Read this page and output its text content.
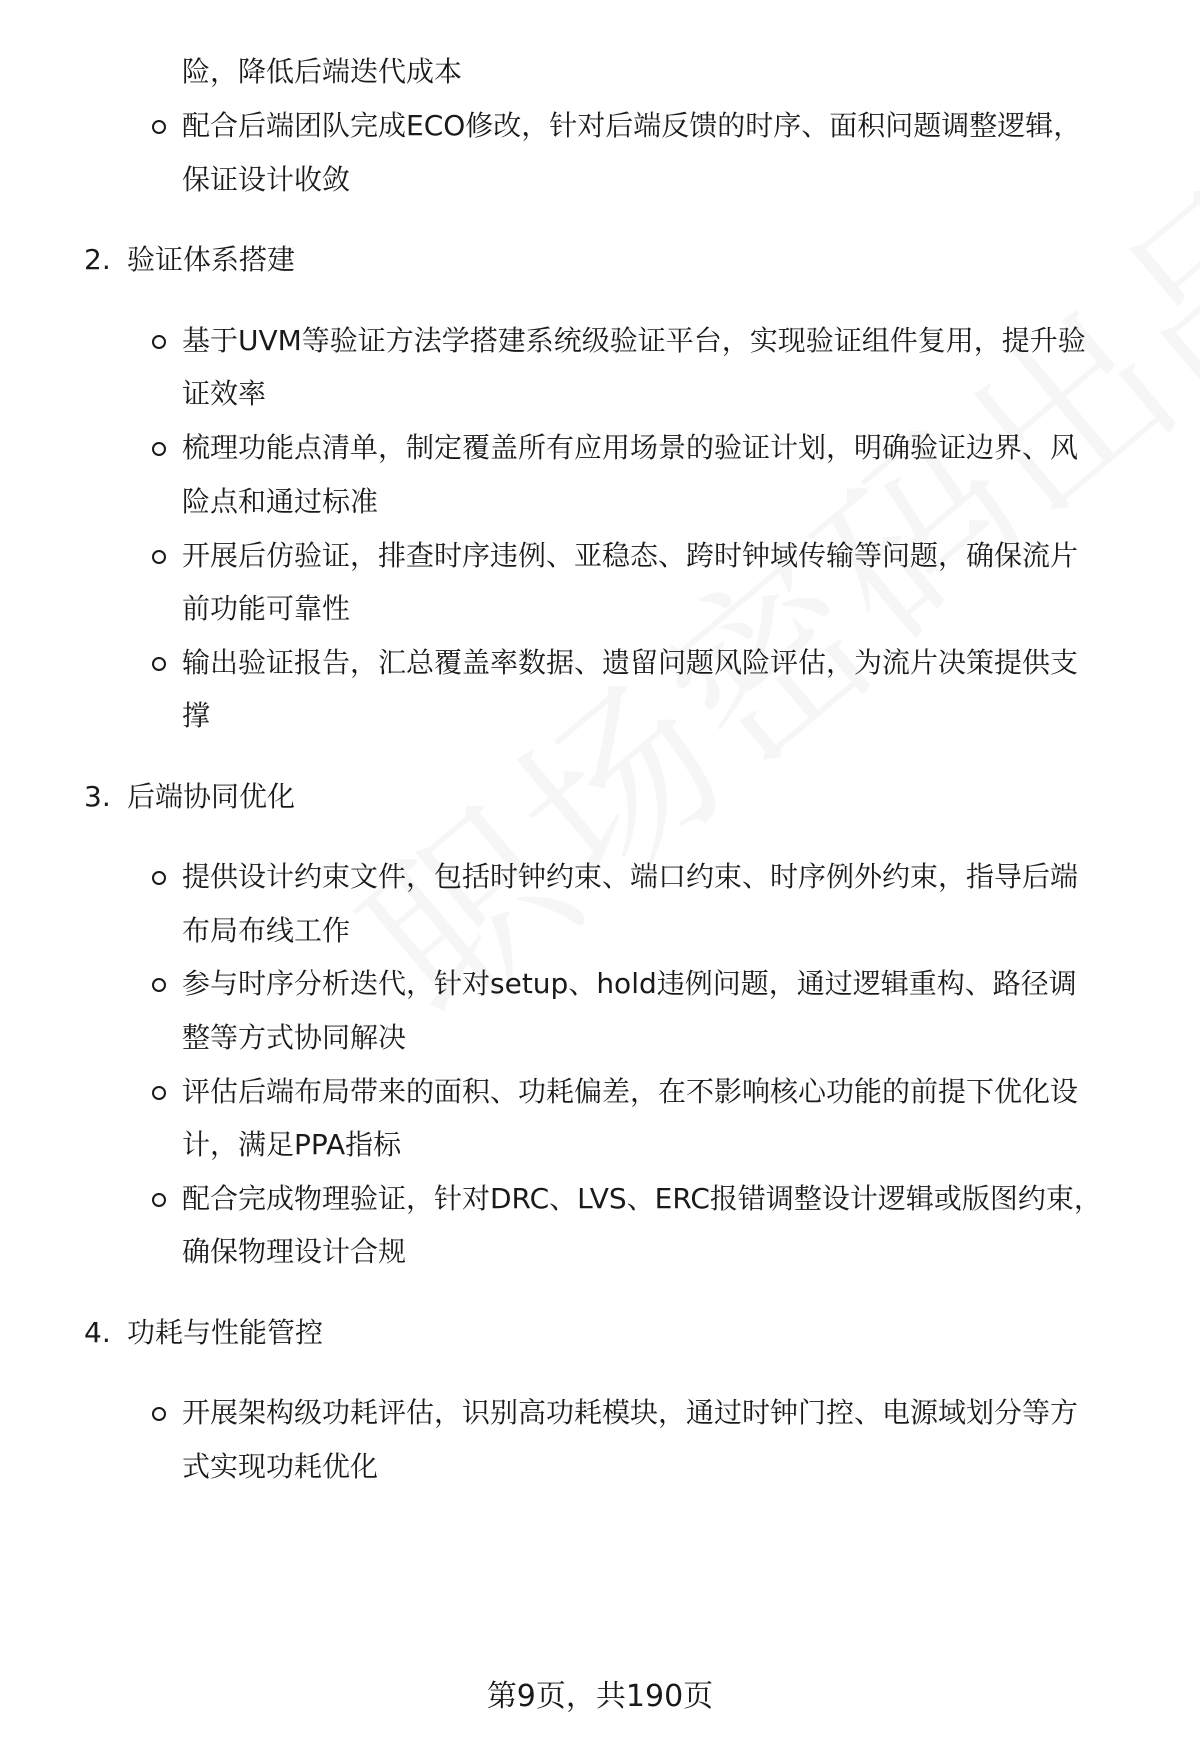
险，降低后端迭代成本
配合后端团队完成ECO修改，针对后端反馈的时序、面积问题调整逻辑，
保证设计收敛
2. 验证体系搭建
基于UVM等验证方法学搭建系统级验证平台，实现验证组件复用，提升验
证效率
梳理功能点清单，制定覆盖所有应用场景的验证计划，明确验证边界、风
险点和通过标准
开展后仿验证，排查时序违例、亚稳态、跨时钟域传输等问题，确保流片
前功能可靠性
输出验证报告，汇总覆盖率数据、遗留问题风险评估，为流片决策提供支
撑
3. 后端协同优化
提供设计约束文件，包括时钟约束、端口约束、时序例外约束，指导后端
布局布线工作
参与时序分析迭代，针对setup、hold违例问题，通过逻辑重构、路径调
整等方式协同解决
评估后端布局带来的面积、功耗偏差，在不影响核心功能的前提下优化设
计，满足PPA指标
配合完成物理验证，针对DRC、LVS、ERC报错调整设计逻辑或版图约束，
确保物理设计合规
4. 功耗与性能管控
开展架构级功耗评估，识别高功耗模块，通过时钟门控、电源域划分等方
式实现功耗优化
第9页，共190页
